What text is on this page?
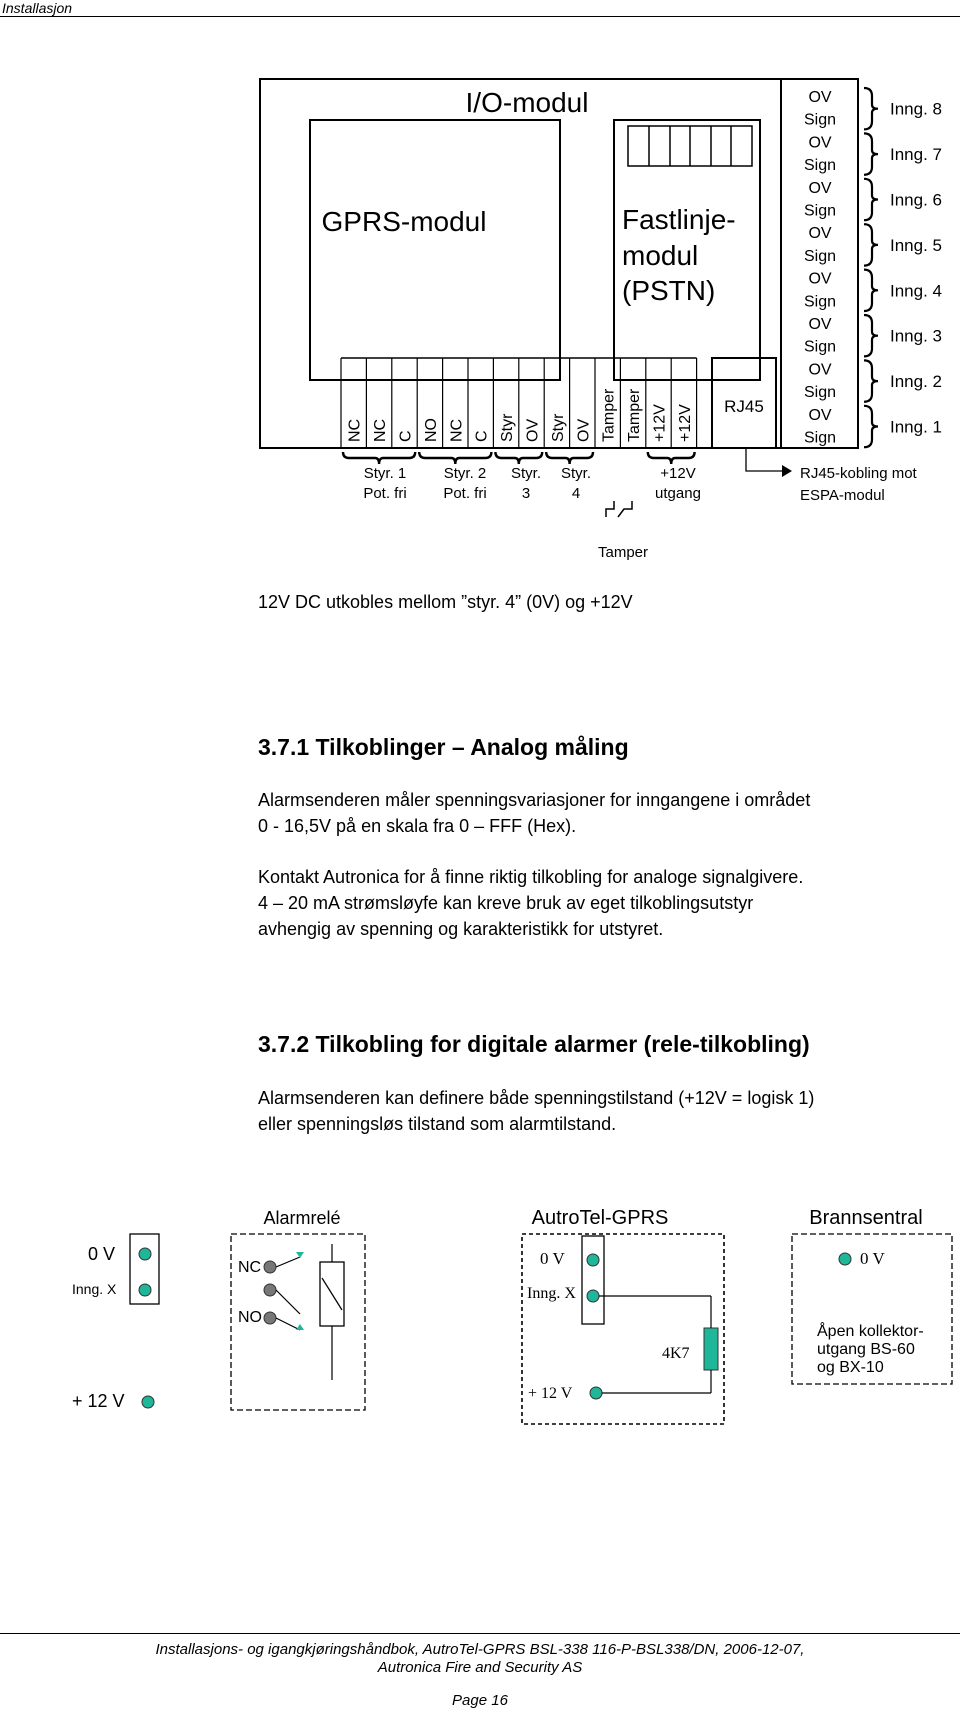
Installasjon
I/O-modul
GPRS-modul	Fastlinje-
modul
(PSTN)
RJ45
NC NC C NO NC C Styr OV Styr OV Tamper Tamper +12V +12V
OV
Sign
OV
Sign
OV
Sign
OV
Sign
OV
Sign
OV
Sign
OV
Sign
OV
Sign
Inng. 8
Inng. 7
Inng. 6
Inng. 5
Inng. 4
Inng. 3
Inng. 2
Inng. 1
Styr. 1
Pot. fri
Styr. 2
Pot. fri
Styr.
3
Styr.
4
Tamper
+12V
utgang
RJ45-kobling mot
ESPA-modul
12V DC utkobles mellom ”styr. 4” (0V) og +12V
3.7.1 Tilkoblinger – Analog måling
Alarmsenderen måler spenningsvariasjoner for inngangene i området
0 - 16,5V på en skala fra 0 – FFF (Hex).
Kontakt Autronica for å finne riktig tilkobling for analoge signalgivere.
4 – 20 mA strømsløyfe kan kreve bruk av eget tilkoblingsutstyr
avhengig av spenning og karakteristikk for utstyret.
3.7.2 Tilkobling for digitale alarmer (rele-tilkobling)
Alarmsenderen kan definere både spenningstilstand (+12V = logisk 1)
eller spenningsløs tilstand som alarmtilstand.
0 V
Inng. X
+ 12 V
Alarmrelé
NC
NO
AutroTel-GPRS
0 V
Inng. X
+ 12 V
4K7
Brannsentral
0 V
Åpen kollektor-
utgang BS-60
og BX-10
Installasjons- og igangkjøringshåndbok, AutroTel-GPRS BSL-338 116-P-BSL338/DN, 2006-12-07,
Autronica Fire and Security AS
Page 16
